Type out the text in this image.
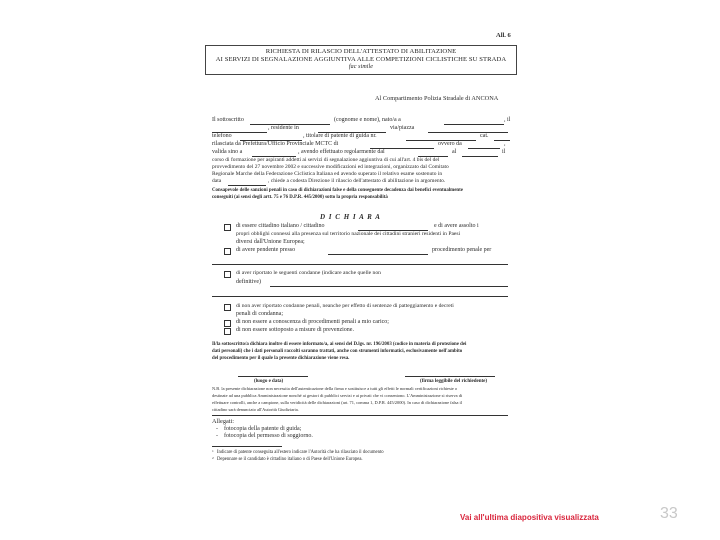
All. 6
RICHIESTA DI RILASCIO DELL'ATTESTATO DI ABILITAZIONE
AI SERVIZI DI SEGNALAZIONE AGGIUNTIVA ALLE COMPETIZIONI CICLISTICHE SU STRADA
fac simile
Al Compartimento Polizia Stradale di ANCONA
Il sottoscritto	(cognome e nome), nato/a a	, il
, residente in	via/piazza
telefono	, titolare di patente di guida nr.	cat.
rilasciata da Prefettura/Ufficio Provinciale MCTC di	ovvero da	,
valida sino a	, avendo effettuato regolarmente dal	al	il
corso di formazione per aspiranti addetti ai servizi di segnalazione aggiuntiva di cui all'art. 4 bis del del
provvedimento del 27 novembre 2002 e successive modificazioni ed integrazioni, organizzato dal Comitato
Regionale Marche della Federazione Ciclistica Italiana ed avendo superato il relativo esame sostenuto in
data	, chiede a codesta Direzione il rilascio dell'attestato di abilitazione in argomento.
Consapevole delle sanzioni penali in caso di dichiarazioni false e della conseguente decadenza dai benefici eventualmente
conseguiti (ai sensi degli artt. 75 e 76 D.P.R. 445/2000) sotto la propria responsabilità
D I C H I A R A
di essere cittadino italiano / cittadino	e di avere assolto i
propri obblighi connessi alla presenza sul territorio nazionale dei cittadini stranieri residenti in Paesi
diversi dall'Unione Europea;
di avere pendente presso	procedimento penale per
di aver riportato le seguenti condanne (indicare anche quelle non
definitive)
di non aver riportato condanne penali, neanche per effetto di sentenze di patteggiamento e decreti
penali di condanna;
di non essere a conoscenza di procedimenti penali a mio carico;
di non essere sottoposto a misure di prevenzione.
Il/la sottoscritto/a dichiara inoltre di essere informato/a, ai sensi del D.lgs. nr. 196/2003 (codice in materia di protezione dei
dati personali) che i dati personali raccolti saranno trattati, anche con strumenti informatici, esclusivamente nell'ambito
del procedimento per il quale la presente dichiarazione viene resa.
(luogo e data)	(firma leggibile del richiedente)
N.B. la presente dichiarazione non necessita dell'autenticazione della firma e sostituisce a tutti gli effetti le normali certificazioni richieste o
destinate ad una pubblica Amministrazione nonché ai gestori di pubblici servizi e ai privati che vi consentono. L'Amministrazione si riserva di
effettuare controlli, anche a campione, sulla veridicità delle dichiarazioni (art. 71, comma 1, D.P.R. 445/2000). In caso di dichiarazione falsa il
cittadino sarà denunciato all'Autorità Giudiziaria.
Allegati:
- fotocopia della patente di guida;
- fotocopia del permesso di soggiorno.
1 Indicare di patente conseguita all'estero indicare l'Autorità che ha rilasciato il documento
2 Depennare se il candidato è cittadino italiano o di Paese dell'Unione Europea.
Vai all'ultima diapositiva visualizzata	33
